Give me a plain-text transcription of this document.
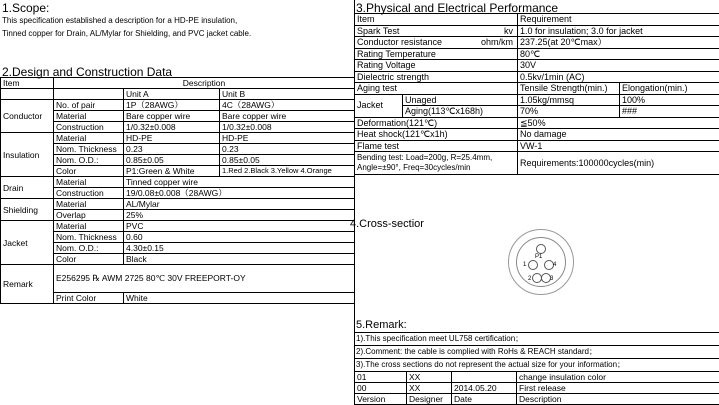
1.Scope:
This specification established a description for a HD-PE insulation,
Tinned copper for Drain, AL/Mylar for Shielding, and PVC jacket cable.
2.Design and Construction Data
Item	Description		
		Unit A	Unit B
Conductor	No. of pair	1P（28AWG）	4C（28AWG）
	Material	Bare copper wire	Bare copper wire
	Construction	1/0.32±0.008	1/0.32±0.008
Insulation	Material	HD-PE	HD-PE
	Nom. Thickness	0.23	0.23
	Nom. O.D.:	0.85±0.05	0.85±0.05
	Color	P1:Green & White	1.Red 2.Black 3.Yellow 4.Orange
Drain	Material	Tinned copper wire	
	Construction	19/0.08±0.008（28AWG）	
Shielding	Material	AL/Mylar	
	Overlap	25%	
Jacket	Material	PVC	
	Nom. Thickness	0.60	
	Nom. O.D.:	4.30±0.15	
	Color	Black	
Remark	E256295 ℞ AWM 2725 80℃ 30V FREEPORT-OY		
	Print Color	White	
3.Physical and Electrical Performance
Item		Requirement	
Spark Test kv		1.0 for insulation; 3.0 for jacket	
Conductor resistance ohm/km		237.25(at 20℃max）	
Rating Temperature		80℃	
Rating Voltage		30V	
Dielectric strength		0.5kv/1min (AC)	
Aging test		Tensile Strength(min.)	Elongation(min.)
Jacket	Unaged	1.05kg/mmsq	100%
	Aging(113℃x168h)	70%	###
Deformation(121℃)		≦50%	
Heat shock(121℃x1h)		No damage	
Flame test		VW-1	
Bending test: Load=200g, R=25.4mm,
Angle=±90°, Freq=30cycles/min		Requirements:100000cycles(min)	
4.Cross-sectior
P1
1
2	3
4
5.Remark:
1).This specification meet UL758 certification；
2).Comment: the cable is complied with RoHs & REACH standard；
3).The cross sections do not represent the actual size for your information；
01	XX		change insulation color
00	XX	2014.05.20	First release
Version	Designer	Date	Description
